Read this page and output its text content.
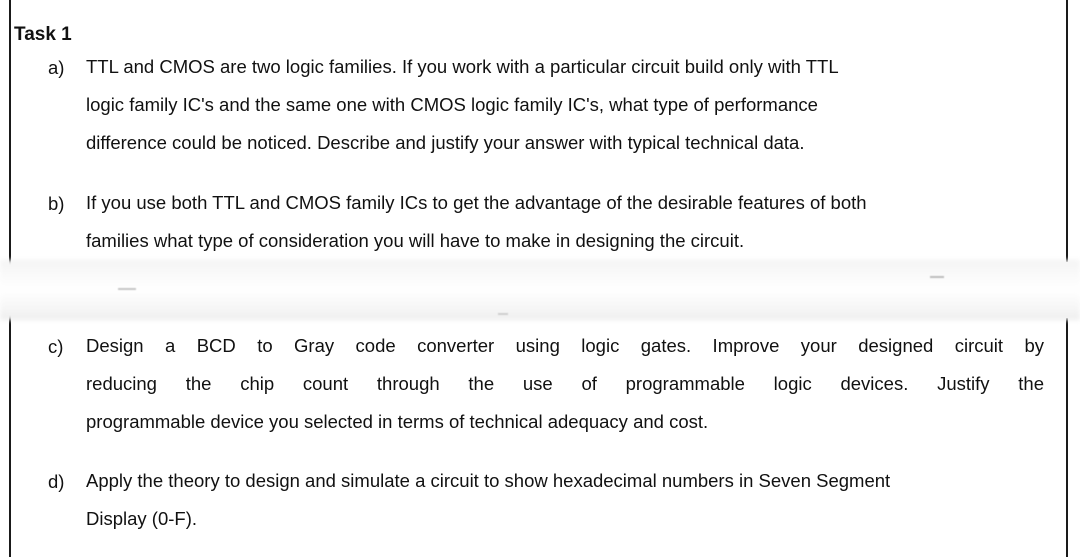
Task 1
a) TTL and CMOS are two logic families. If you work with a particular circuit build only with TTL
logic family IC's and the same one with CMOS logic family IC's, what type of performance
difference could be noticed. Describe and justify your answer with typical technical data.

b) If you use both TTL and CMOS family ICs to get the advantage of the desirable features of both
families what type of consideration you will have to make in designing the circuit.

c) Design a BCD to Gray code converter using logic gates. Improve your designed circuit by
reducing the chip count through the use of programmable logic devices. Justify the
programmable device you selected in terms of technical adequacy and cost.

d) Apply the theory to design and simulate a circuit to show hexadecimal numbers in Seven Segment
Display (0-F).
